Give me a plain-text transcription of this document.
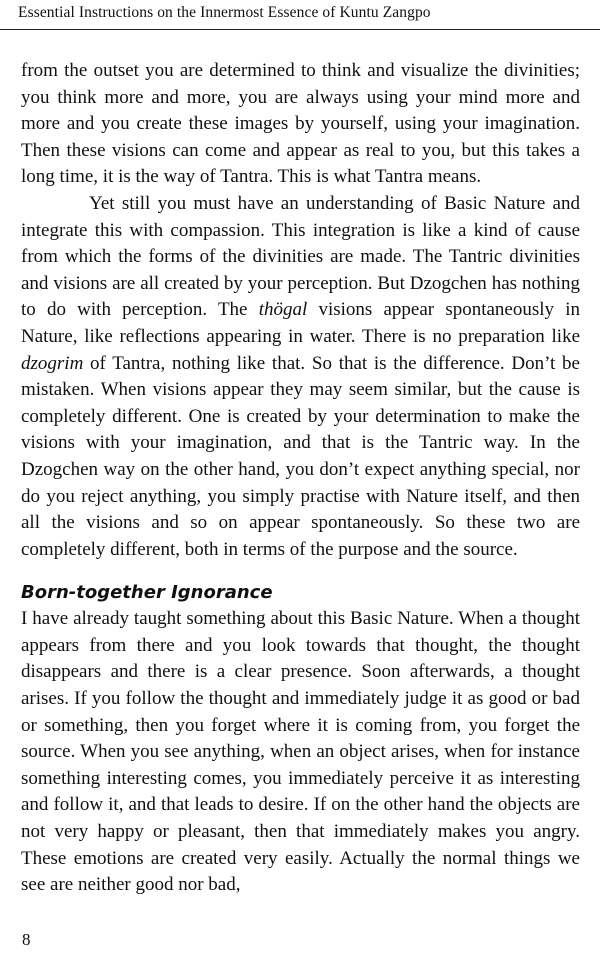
Essential Instructions on the Innermost Essence of Kuntu Zangpo

from the outset you are determined to think and visualize the divinities; you think more and more, you are always using your mind more and more and you create these images by yourself, using your imagination. Then these visions can come and appear as real to you, but this takes a long time, it is the way of Tantra. This is what Tantra means.

Yet still you must have an understanding of Basic Nature and integrate this with compassion. This integration is like a kind of cause from which the forms of the divinities are made. The Tantric divinities and visions are all created by your perception. But Dzogchen has nothing to do with perception. The thögal visions appear spontaneously in Nature, like reflections appearing in water. There is no preparation like dzogrim of Tantra, nothing like that. So that is the difference. Don’t be mistaken. When visions appear they may seem similar, but the cause is completely different. One is created by your determination to make the visions with your imagination, and that is the Tantric way. In the Dzogchen way on the other hand, you don’t expect anything special, nor do you reject anything, you simply practise with Nature itself, and then all the visions and so on appear spontaneously. So these two are completely different, both in terms of the purpose and the source.

Born-together Ignorance

I have already taught something about this Basic Nature. When a thought appears from there and you look towards that thought, the thought disappears and there is a clear presence. Soon afterwards, a thought arises. If you follow the thought and immediately judge it as good or bad or something, then you forget where it is coming from, you forget the source. When you see anything, when an object arises, when for instance something interesting comes, you immediately perceive it as interesting and follow it, and that leads to desire. If on the other hand the objects are not very happy or pleasant, then that immediately makes you angry. These emotions are created very easily. Actually the normal things we see are neither good nor bad,

8
